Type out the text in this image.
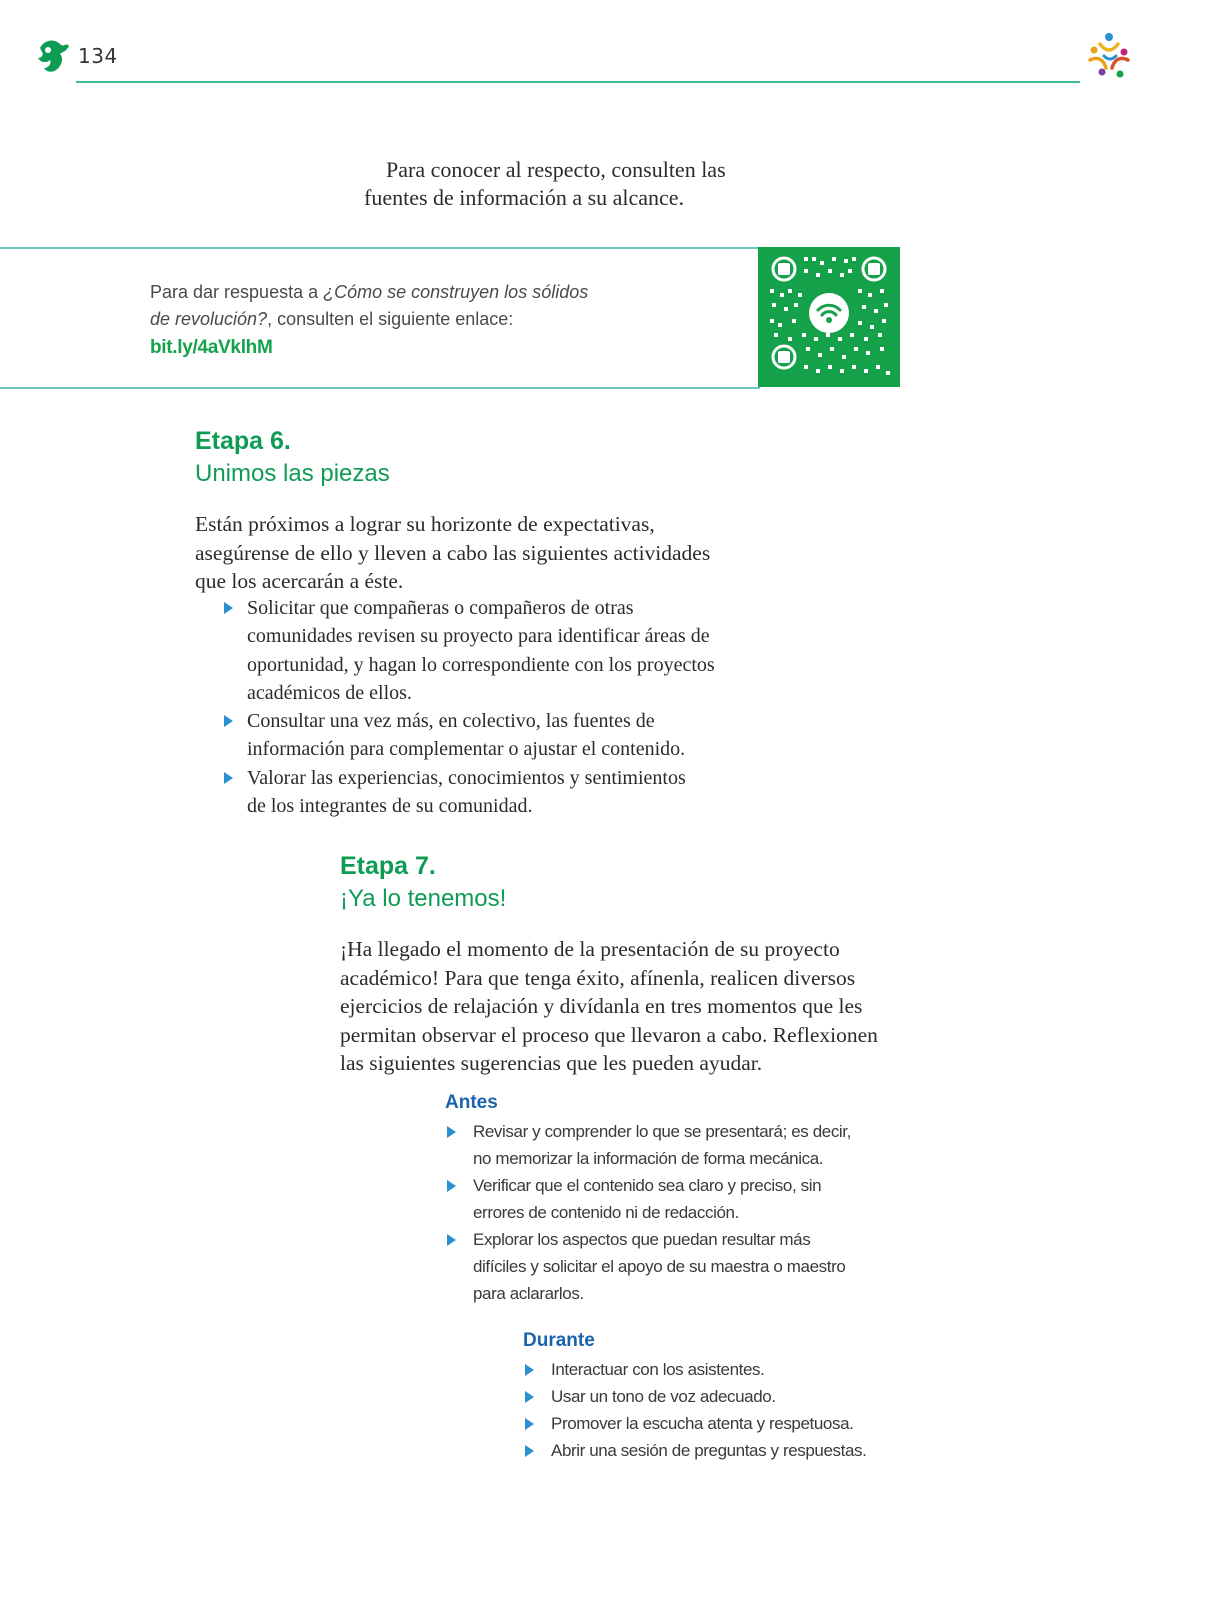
134
Para conocer al respecto, consulten las
fuentes de información a su alcance.
Para dar respuesta a ¿Cómo se construyen los sólidos
de revolución?, consulten el siguiente enlace:
bit.ly/4aVklhM
Etapa 6.
Unimos las piezas
Están próximos a lograr su horizonte de expectativas,
asegúrense de ello y lleven a cabo las siguientes actividades
que los acercarán a éste.
Solicitar que compañeras o compañeros de otras
comunidades revisen su proyecto para identificar áreas de
oportunidad, y hagan lo correspondiente con los proyectos
académicos de ellos.
Consultar una vez más, en colectivo, las fuentes de
información para complementar o ajustar el contenido.
Valorar las experiencias, conocimientos y sentimientos
de los integrantes de su comunidad.
Etapa 7.
¡Ya lo tenemos!
¡Ha llegado el momento de la presentación de su proyecto
académico! Para que tenga éxito, afínenla, realicen diversos
ejercicios de relajación y divídanla en tres momentos que les
permitan observar el proceso que llevaron a cabo. Reflexionen
las siguientes sugerencias que les pueden ayudar.
Antes
Revisar y comprender lo que se presentará; es decir,
no memorizar la información de forma mecánica.
Verificar que el contenido sea claro y preciso, sin
errores de contenido ni de redacción.
Explorar los aspectos que puedan resultar más
difíciles y solicitar el apoyo de su maestra o maestro
para aclararlos.
Durante
Interactuar con los asistentes.
Usar un tono de voz adecuado.
Promover la escucha atenta y respetuosa.
Abrir una sesión de preguntas y respuestas.
